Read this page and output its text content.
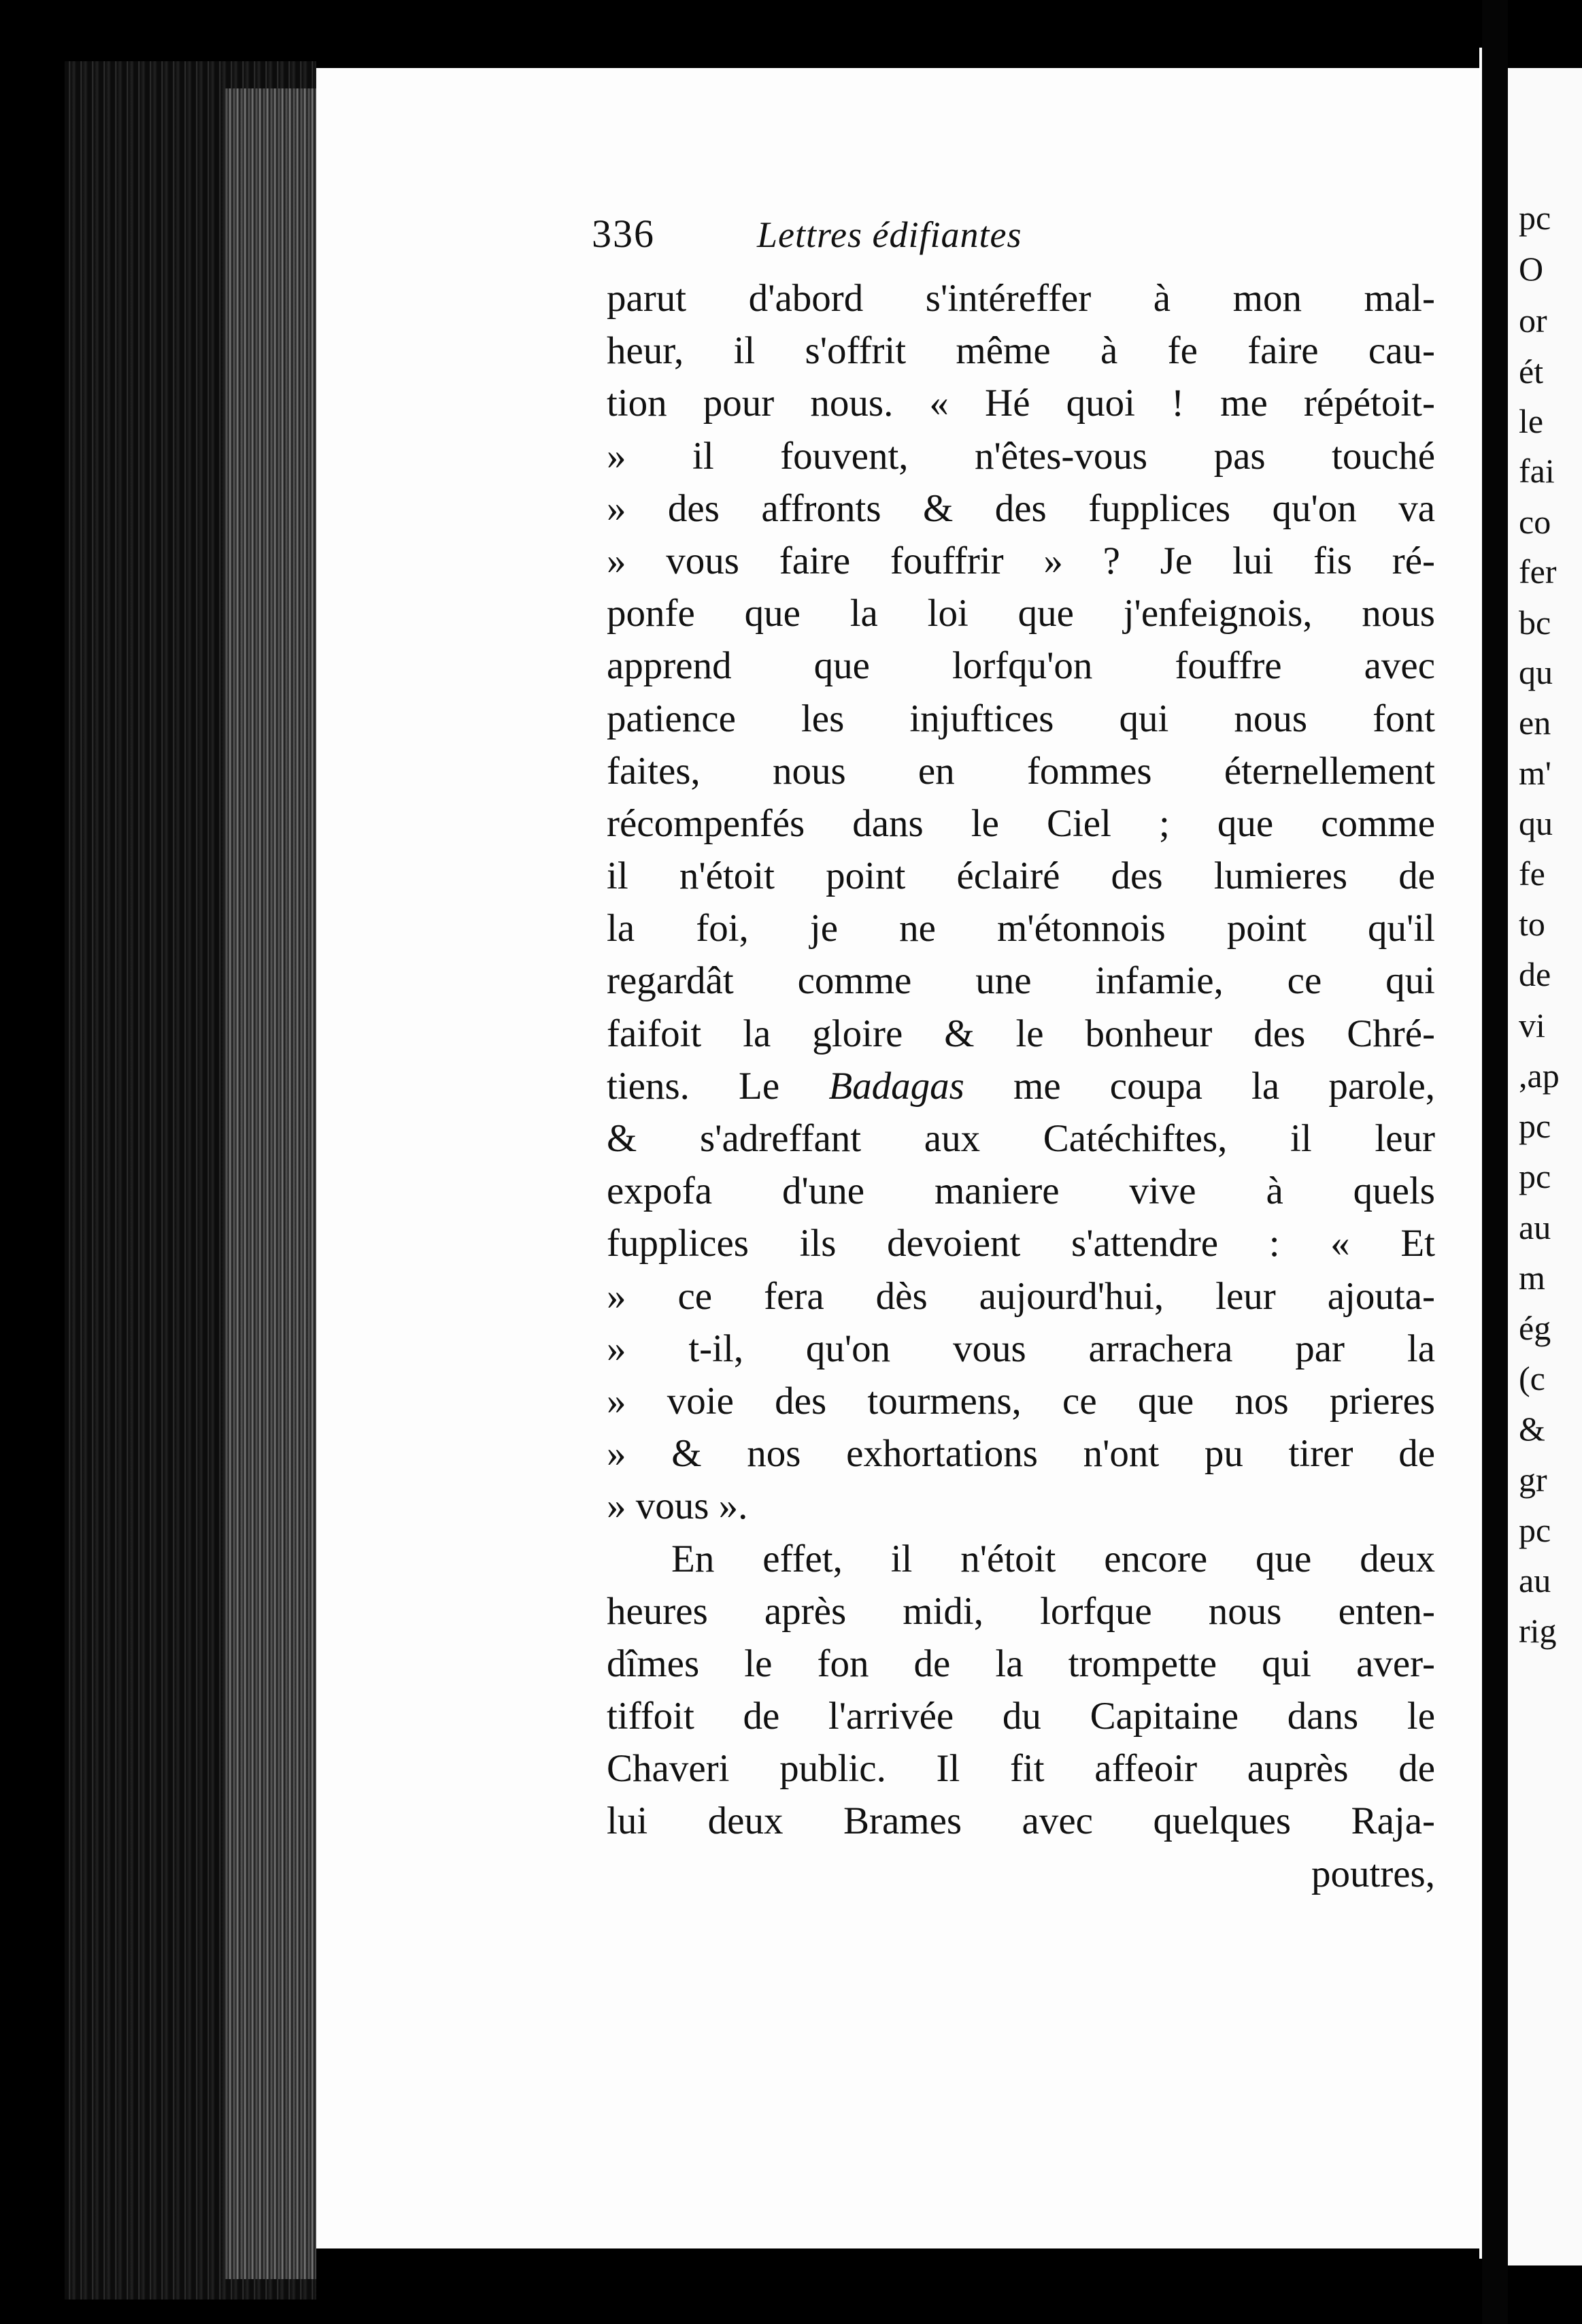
pc

O

or

ét

le

fai

co

fer

bc

qu

en

m'

qu

fe

to

de

vi

,ap

pc

pc

au

m

ég

(c

&

gr

pc

au

rig

336	Lettres édifiantes

parut d'abord s'intéreffer à mon mal-

heur, il s'offrit même à fe faire cau-

tion pour nous. « Hé quoi ! me répétoit-

» il fouvent, n'êtes-vous pas touché

» des affronts & des fupplices qu'on va

» vous faire fouffrir » ? Je lui fis ré-

ponfe que la loi que j'enfeignois, nous

apprend que lorfqu'on fouffre avec

patience les injuftices qui nous font

faites, nous en fommes éternellement

récompenfés dans le Ciel ; que comme

il n'étoit point éclairé des lumieres de

la foi, je ne m'étonnois point qu'il

regardât comme une infamie, ce qui

faifoit la gloire & le bonheur des Chré-

tiens. Le Badagas me coupa la parole,

& s'adreffant aux Catéchiftes, il leur

expofa d'une maniere vive à quels

fupplices ils devoient s'attendre : « Et

» ce fera dès aujourd'hui, leur ajouta-

» t-il, qu'on vous arrachera par la

» voie des tourmens, ce que nos prieres

» & nos exhortations n'ont pu tirer de

» vous ».

En effet, il n'étoit encore que deux

heures après midi, lorfque nous enten-

dîmes le fon de la trompette qui aver-

tiffoit de l'arrivée du Capitaine dans le

Chaveri public. Il fit affeoir auprès de

lui deux Brames avec quelques Raja-

poutres,
